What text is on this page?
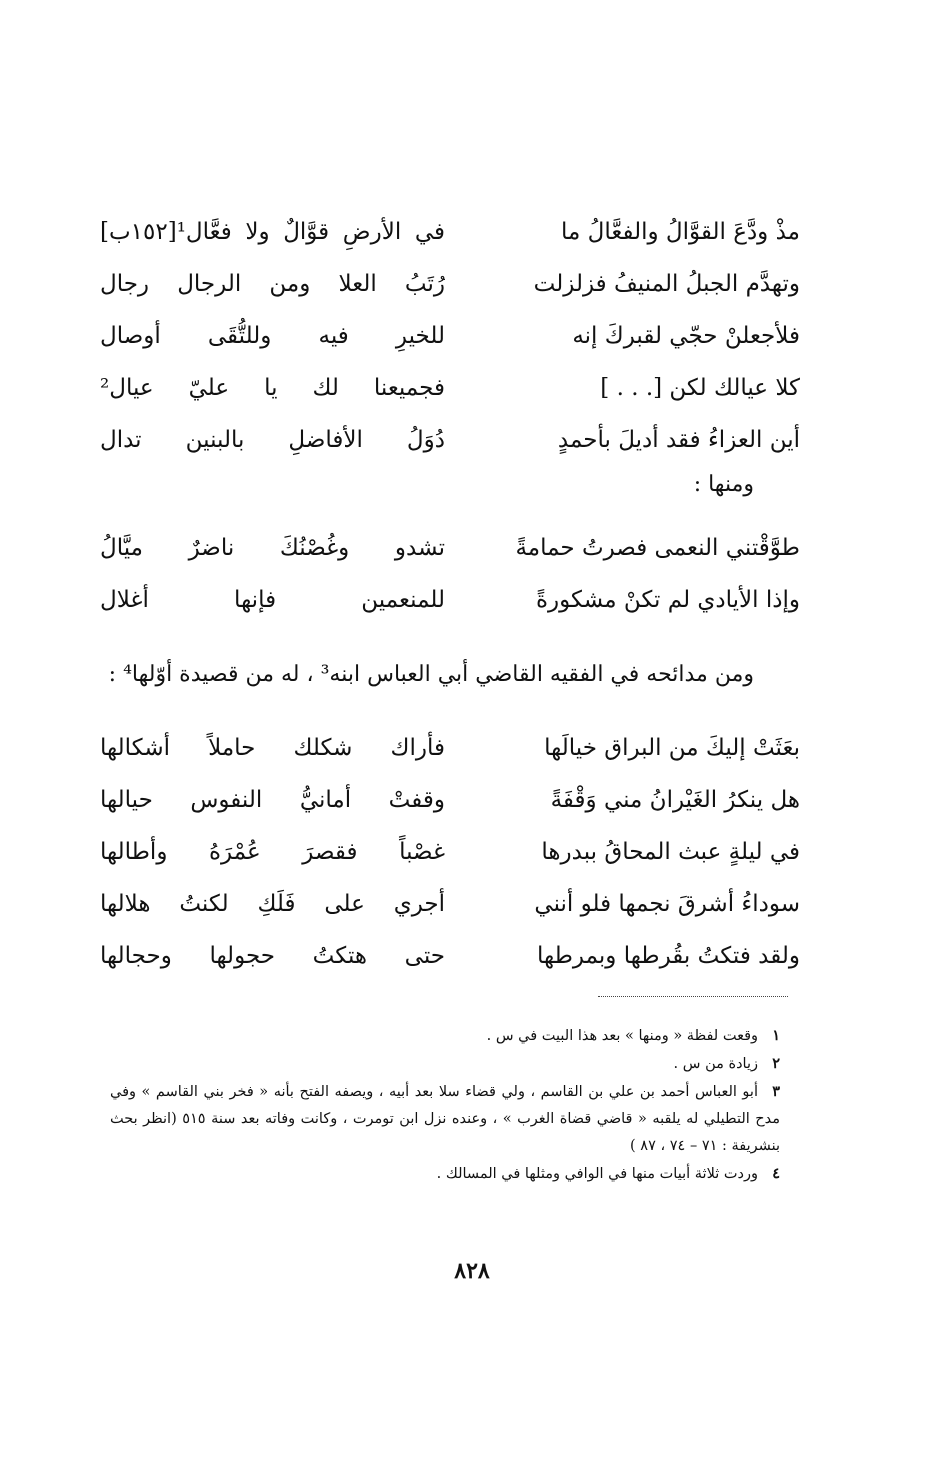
مذْ ودَّعَ القوَّالُ والفعَّالُ ما
في الأرضِ قوَّالٌ ولا فعَّال¹[١٥٢ب]
وتهدَّم الجبلُ المنيفُ فزلزلت
رُتَبُ العلا ومن الرجال رجال
فلأجعلنْ حجّي لقبركَ إنه
للخيرِ فيه وللتُّقَى أوصال
كلا عيالك لكن [. . . ]
فجميعنا لك يا عليّ عيال²
أين العزاءُ فقد أديلَ بأحمدٍ
دُوَلُ الأفاضلِ بالبنين تدال
ومنها :
طوَّقْتني النعمى فصرتُ حمامةً
تشدو وغُصْنُكَ ناضرٌ ميَّالُ
وإذا الأيادي لم تكنْ مشكورةً
للمنعمين فإنها أغلال
ومن مدائحه في الفقيه القاضي أبي العباس ابنه³ ، له من قصيدة أوّلها⁴ :
بعَثَتْ إليكَ من البراق خيالَها
فأراك شكلك حاملاً أشكالها
هل ينكرُ الغَيْرانُ مني وَقْفَةً
وقفتْ أمانيُّ النفوس حيالها
في ليلةٍ عبث المحاقُ ببدرها
غصْباً فقصرَ عُمْرَهُ وأطالها
سوداءُ أشرقَ نجمها فلو أنني
أجري على فَلَكِ لكنتُ هلالها
ولقد فتكتُ بقُرطها وبمرطها
حتى هتكتُ حجولها وحجالها

١وقعت لفظة « ومنها » بعد هذا البيت في س .

٢زيادة من س .

٣أبو العباس أحمد بن علي بن القاسم ، ولي قضاء سلا بعد أبيه ، ويصفه الفتح بأنه « فخر بني القاسم » وفي مدح التطيلي له يلقبه « قاضي قضاة الغرب » ، وعنده نزل ابن تومرت ، وكانت وفاته بعد سنة ٥١٥ (انظر بحث بنشريفة : ٧١ – ٧٤ ، ٨٧ )

٤وردت ثلاثة أبيات منها في الوافي ومثلها في المسالك .

٨٢٨
